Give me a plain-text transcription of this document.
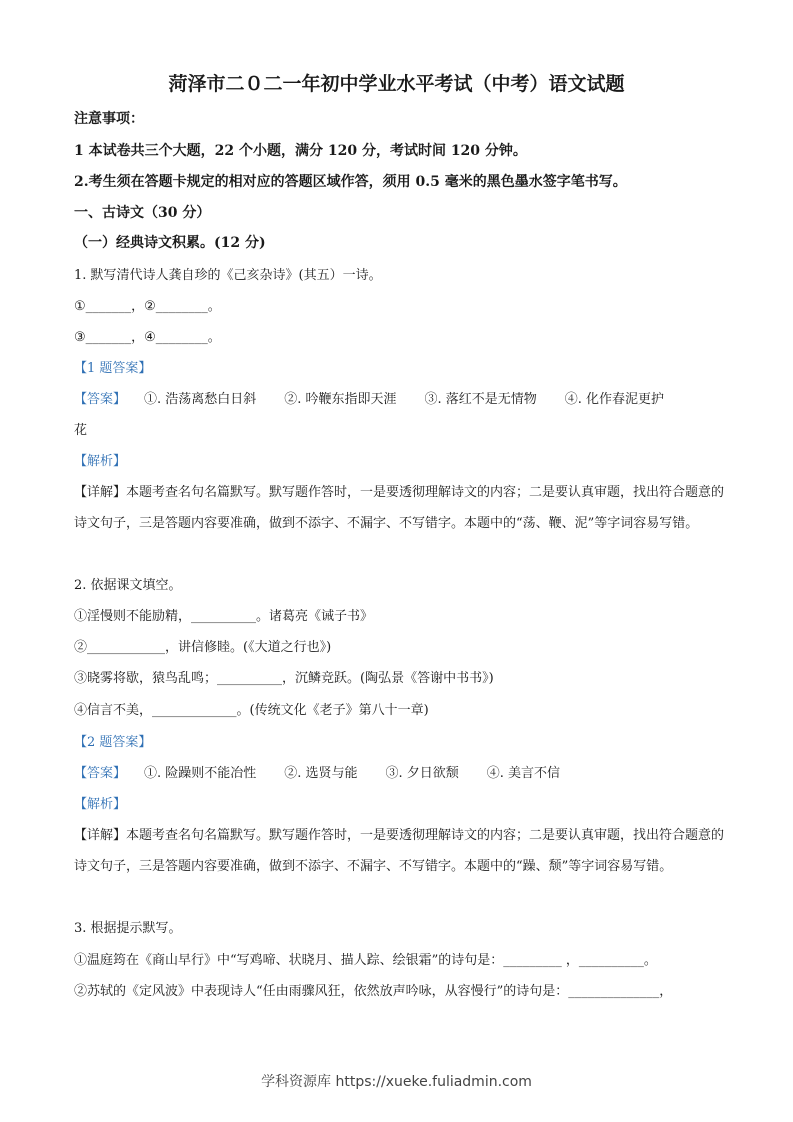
菏泽市二０二一年初中学业水平考试（中考）语文试题
注意事项：
1 本试卷共三个大题，22 个小题，满分 120 分，考试时间 120 分钟。
2.考生须在答题卡规定的相对应的答题区域作答，须用 0.5 毫米的黑色墨水签字笔书写。
一、古诗文（30 分）
（一）经典诗文积累。(12 分)
1. 默写清代诗人龚自珍的《己亥杂诗》(其五）一诗。
①_______，②________。
③_______，④________。
【1 题答案】
【答案】	①. 浩荡离愁白日斜 ②. 吟鞭东指即天涯 ③. 落红不是无情物 ④. 化作春泥更护
花
【解析】
【详解】本题考查名句名篇默写。默写题作答时，一是要透彻理解诗文的内容；二是要认真审题，找出符合题意的诗文句子，三是答题内容要准确，做到不添字、不漏字、不写错字。本题中的“荡、鞭、泥”等字词容易写错。
2. 依据课文填空。
①淫慢则不能励精，__________。诸葛亮《诫子书》
②____________，讲信修睦。(《大道之行也》)
③晓雾将歇，猿鸟乱鸣；__________，沉鳞竞跃。(陶弘景《答谢中书书》)
④信言不美，_____________。(传统文化《老子》第八十一章)
【2 题答案】
【答案】	①. 险躁则不能冶性 ②. 选贤与能 ③. 夕日欲颓 ④. 美言不信
【解析】
【详解】本题考查名句名篇默写。默写题作答时，一是要透彻理解诗文的内容；二是要认真审题，找出符合题意的诗文句子，三是答题内容要准确，做到不添字、不漏字、不写错字。本题中的“躁、颓”等字词容易写错。
3. 根据提示默写。
①温庭筠在《商山早行》中“写鸡啼、状晓月、描人踪、绘银霜”的诗句是：_________ ，__________。
②苏轼的《定风波》中表现诗人“任由雨骤风狂，依然放声吟咏，从容慢行”的诗句是：______________，
学科资源库 https://xueke.fuliadmin.com
